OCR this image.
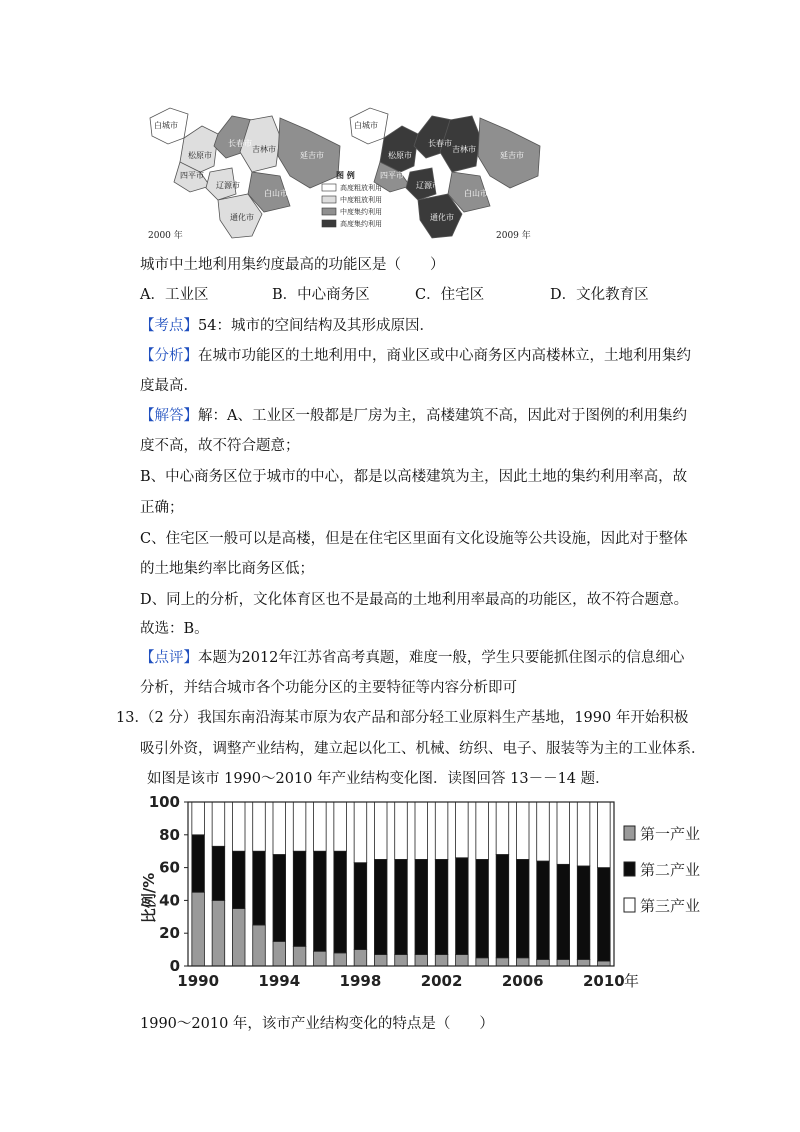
白城市
长春市
松原市
吉林市
延吉市
四平市
辽源市
白山市
通化市
2000 年
图 例
高度粗放利用
中度粗放利用
中度集约利用
高度集约利用
白城市
长春市
松原市
吉林市
延吉市
四平市
辽源市
白山市
通化市
2009 年
城市中土地利用集约度最高的功能区是（　　）
A．工业区	B．中心商务区	C．住宅区	D．文化教育区
【考点】54：城市的空间结构及其形成原因．
【分析】在城市功能区的土地利用中，商业区或中心商务区内高楼林立，土地利用集约
度最高．
【解答】解：A、工业区一般都是厂房为主，高楼建筑不高，因此对于图例的利用集约
度不高，故不符合题意；
B、中心商务区位于城市的中心，都是以高楼建筑为主，因此土地的集约利用率高，故
正确；
C、住宅区一般可以是高楼，但是在住宅区里面有文化设施等公共设施，因此对于整体
的土地集约率比商务区低；
D、同上的分析，文化体育区也不是最高的土地利用率最高的功能区，故不符合题意。
故选：B。
【点评】本题为2012年江苏省高考真题，难度一般，学生只要能抓住图示的信息细心
分析，并结合城市各个功能分区的主要特征等内容分析即可
13．
（2 分）我国东南沿海某市原为农产品和部分轻工业原料生产基地，1990 年开始积极
吸引外资，调整产业结构，建立起以化工、机械、纺织、电子、服装等为主的工业体系．
如图是该市 1990～2010 年产业结构变化图．读图回答 13－－14 题．
0
20
40
60
80
100
1990	1994	1998	2002	2006	2010
比例/%
年
第一产业
第二产业
第三产业
1990～2010 年，该市产业结构变化的特点是（　　）
